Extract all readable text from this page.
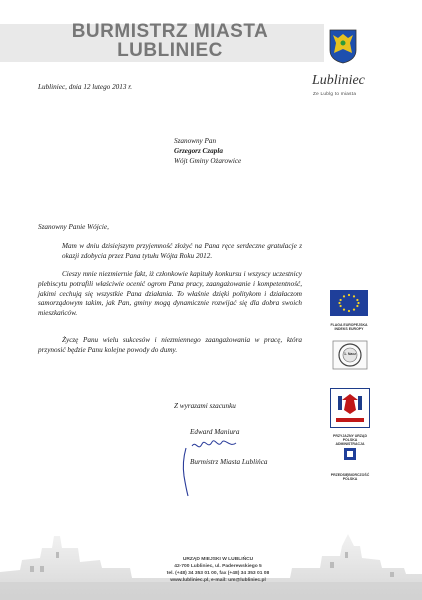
BURMISTRZ MIASTA
LUBLINIEC
Lubliniec
Ze Lublg to miasta
Lubliniec, dnia 12 lutego 2013 r.
Szanowny Pan
Grzegorz Czapla
Wójt Gminy Ożarowice
Szanowny Panie Wójcie,
Mam w dniu dzisiejszym przyjemność złożyć na Pana ręce serdeczne gratulacje z okazji zdobycia przez Pana tytułu Wójta Roku 2012.
Cieszy mnie niezmiernie fakt, iż członkowie kapituły konkursu i wszyscy uczestnicy plebiscytu potrafili właściwie ocenić ogrom Pana pracy, zaangażowanie i kompetentność, jakimi cechują się wszystkie Pana działania. To właśnie dzięki politykom i działaczom samorządowym takim, jak Pan, gminy mogą dynamicznie rozwijać się dla dobra swoich mieszkańców.
Życzę Panu wielu sukcesów i niezmiennego zaangażowania w pracę, która przynosić będzie Panu kolejne powody do dumy.
Z wyrazami szacunku
Edward Maniura
Burmistrz Miasta Lublińca
FLAGA EUROPEJSKA
INDEKS EUROPY
1. Nacz
PRZYJAZNY URZĄD
POLSKA ADMINISTRACJA
PRZEDSIĘBIORCZOŚĆ POLSKA
URZĄD MIEJSKI W LUBLIŃCU
42-700 Lubliniec, ul. Paderewskiego 5
tel. (+48) 34 353 01 00, fax (+48) 34 353 01 08
www.lubliniec.pl, e-mail: um@lubliniec.pl
